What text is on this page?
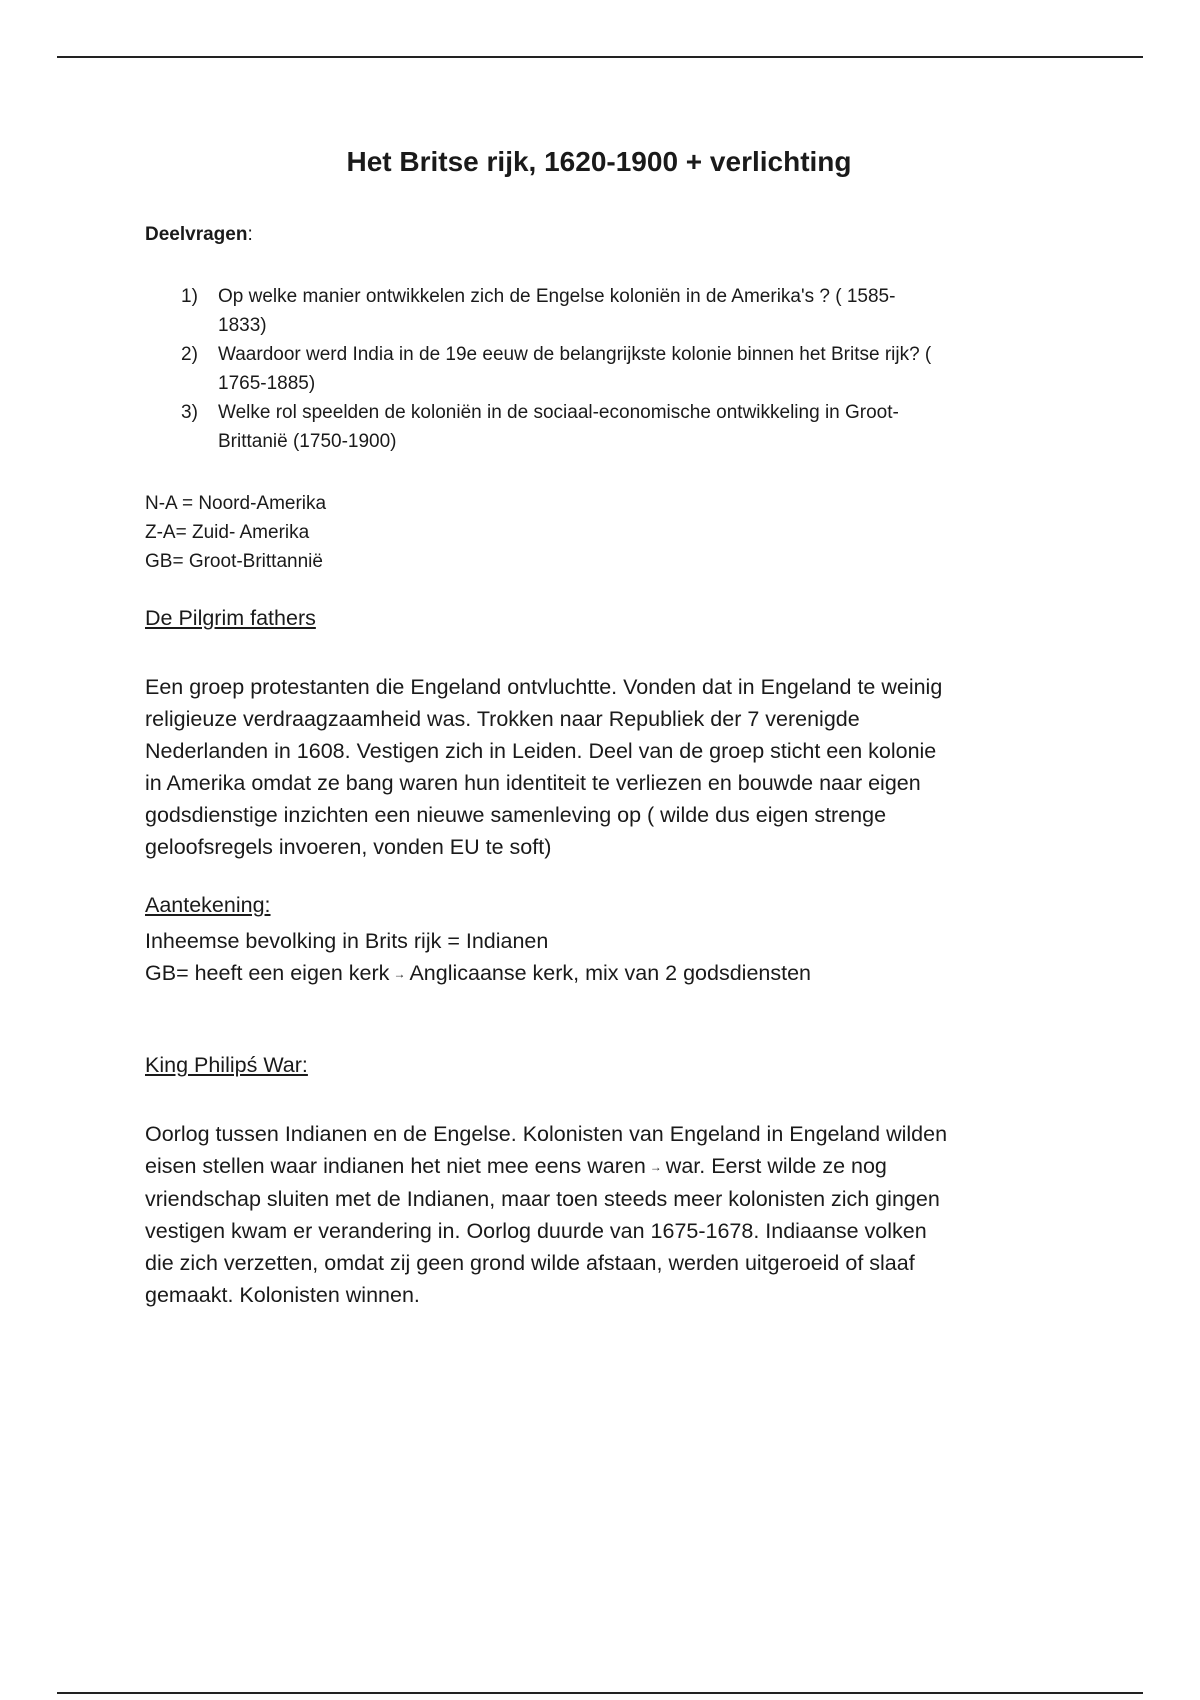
Het Britse rijk, 1620-1900 + verlichting

Deelvragen:

1) Op welke manier ontwikkelen zich de Engelse koloniën in de Amerika's ? ( 1585-
1833)
2) Waardoor werd India in de 19e eeuw de belangrijkste kolonie binnen het Britse rijk? (
1765-1885)
3) Welke rol speelden de koloniën in de sociaal-economische ontwikkeling in Groot-
Brittanië (1750-1900)
N-A = Noord-Amerika
Z-A= Zuid- Amerika
GB= Groot-Brittannië

De Pilgrim fathers

Een groep protestanten die Engeland ontvluchtte. Vonden dat in Engeland te weinig
religieuze verdraagzaamheid was. Trokken naar Republiek der 7 verenigde
Nederlanden in 1608. Vestigen zich in Leiden. Deel van de groep sticht een kolonie
in Amerika omdat ze bang waren hun identiteit te verliezen en bouwde naar eigen
godsdienstige inzichten een nieuwe samenleving op ( wilde dus eigen strenge
geloofsregels invoeren, vonden EU te soft)

Aantekening:

Inheemse bevolking in Brits rijk = Indianen
GB= heeft een eigen kerk → Anglicaanse kerk, mix van 2 godsdiensten

King Philipś War:

Oorlog tussen Indianen en de Engelse. Kolonisten van Engeland in Engeland wilden
eisen stellen waar indianen het niet mee eens waren → war. Eerst wilde ze nog
vriendschap sluiten met de Indianen, maar toen steeds meer kolonisten zich gingen
vestigen kwam er verandering in. Oorlog duurde van 1675-1678. Indiaanse volken
die zich verzetten, omdat zij geen grond wilde afstaan, werden uitgeroeid of slaaf
gemaakt. Kolonisten winnen.
